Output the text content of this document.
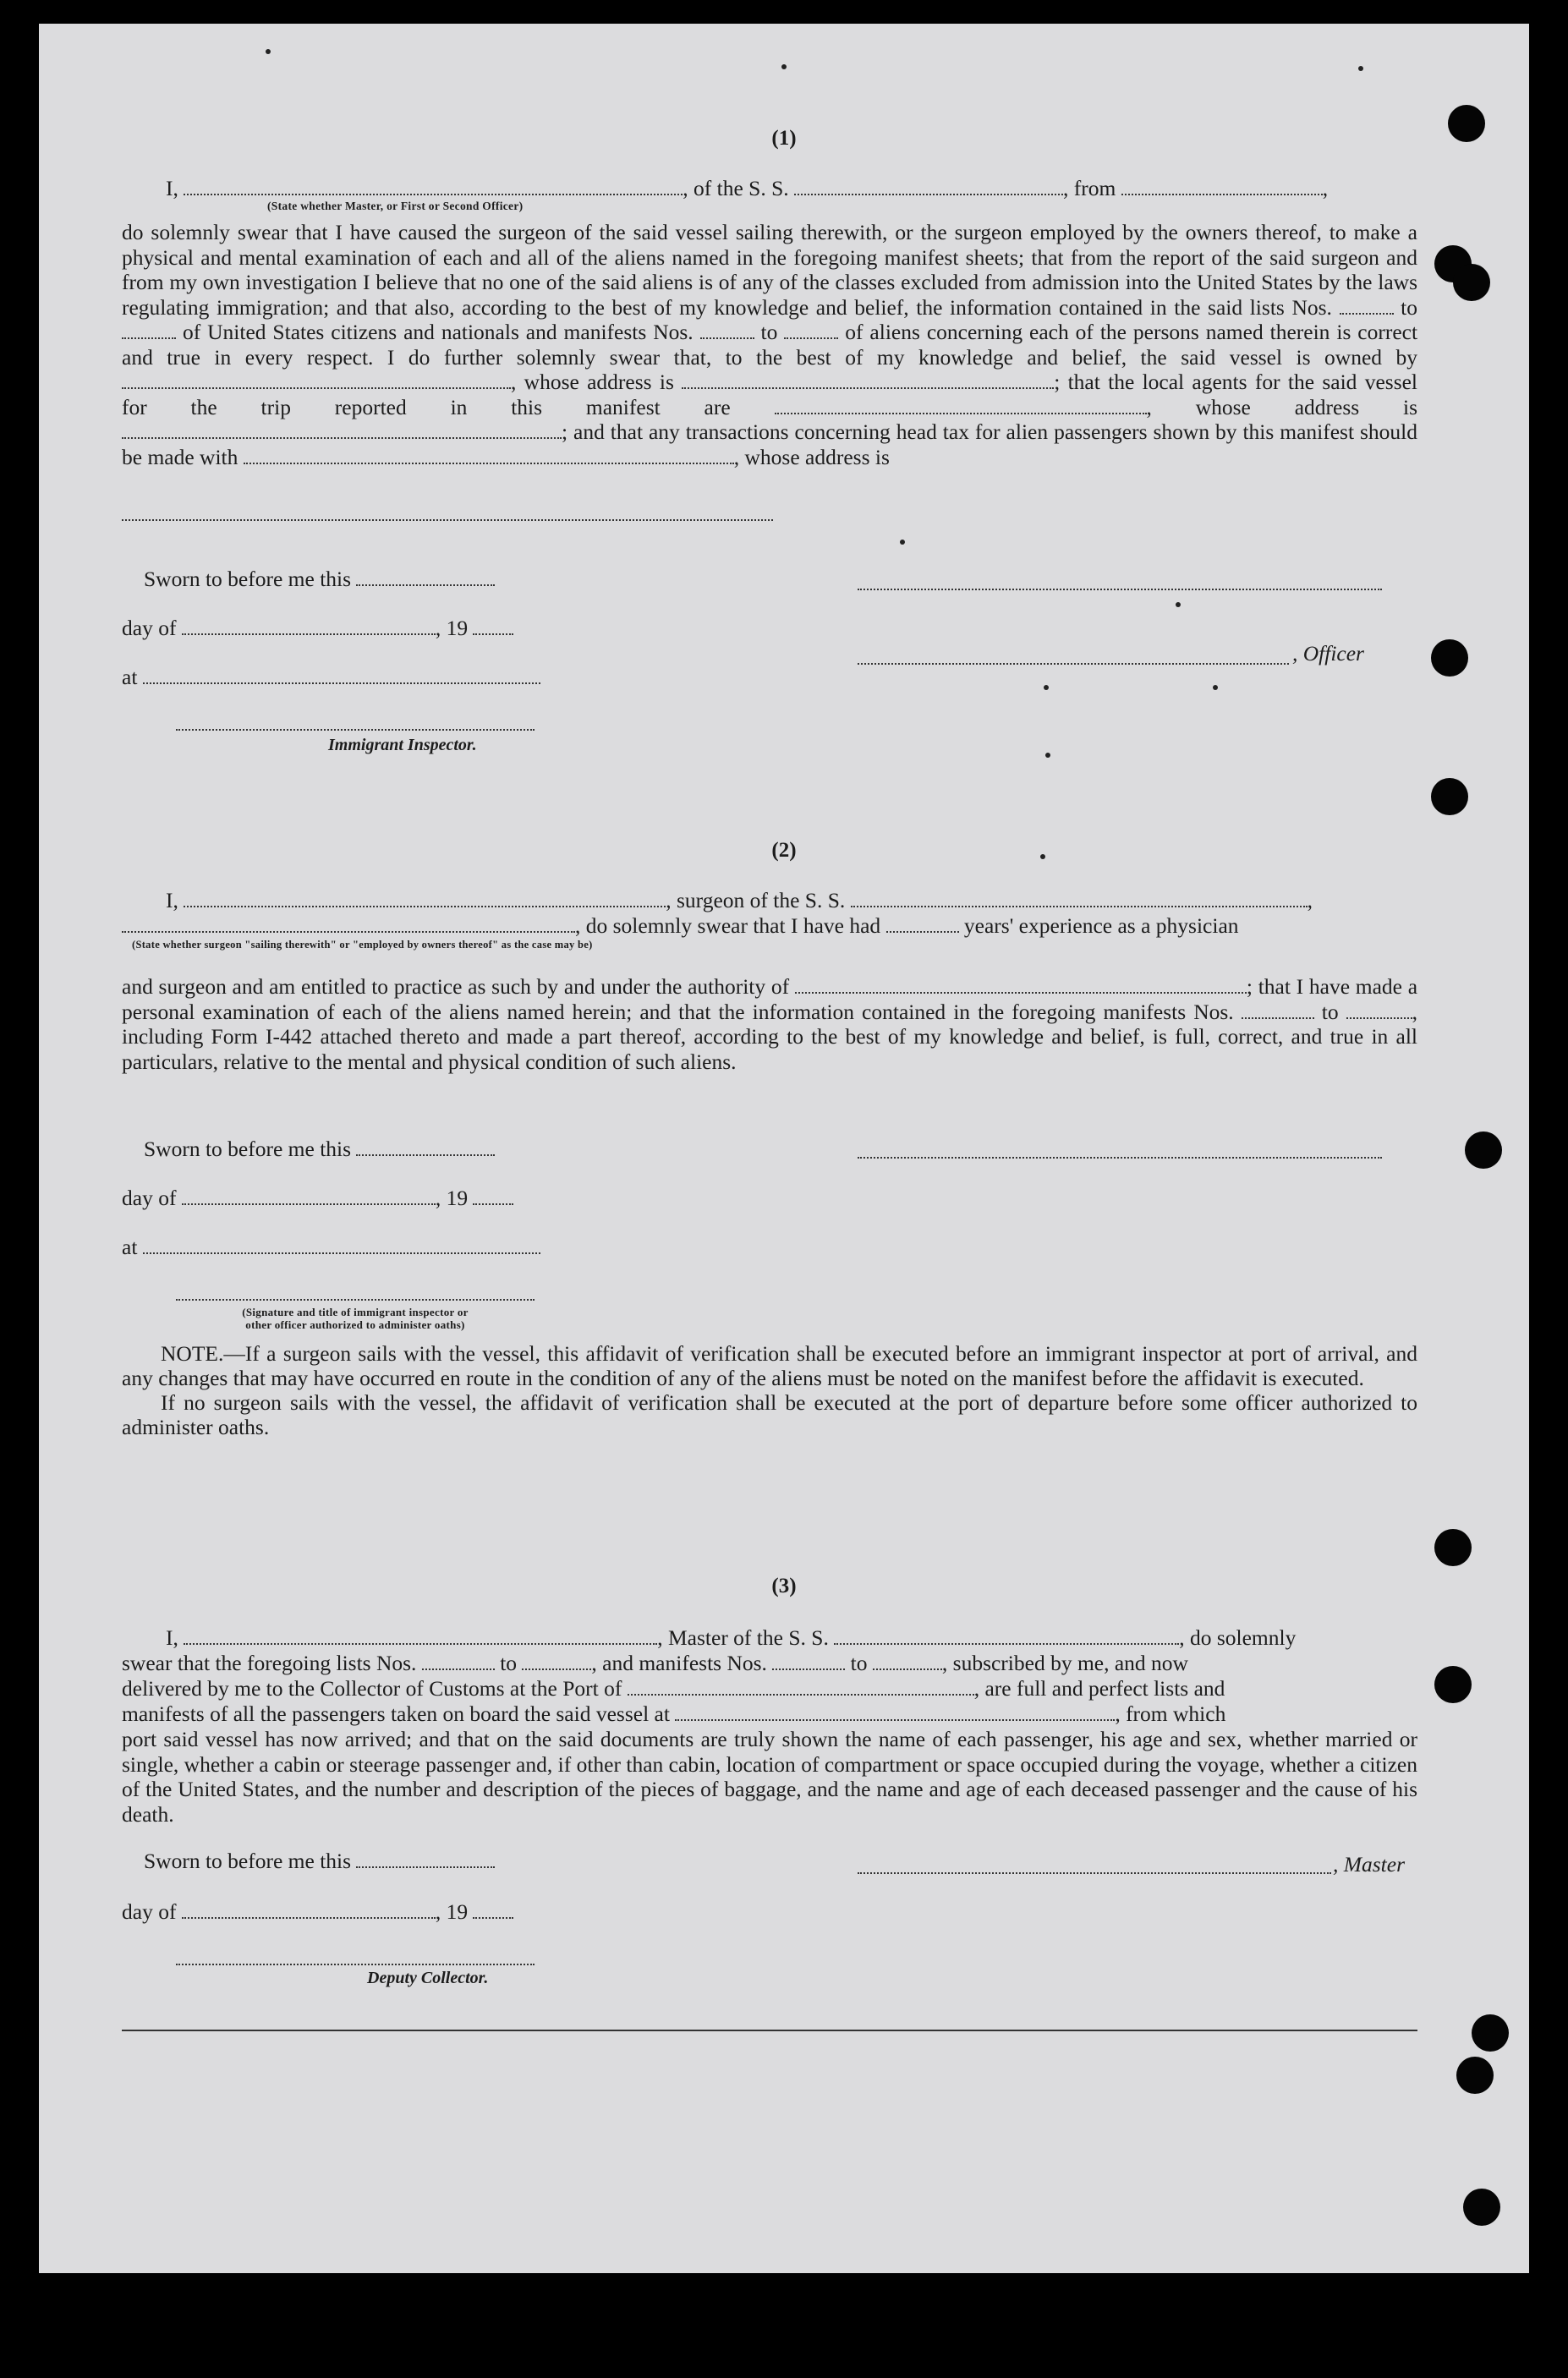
(1)
I,	, of the S. S.	, from	,
(State whether Master, or First or Second Officer)

do solemnly swear that I have caused the surgeon of the said vessel sailing therewith, or the surgeon employed by the owners thereof, to make a physical and mental examination of each and all of the aliens named in the foregoing manifest sheets; that from the report of the said surgeon and from my own investigation I believe that no one of the said aliens is of any of the classes excluded from admission into the United States by the laws regulating immigration; and that also, according to the best of my knowledge and belief, the information contained in the said lists Nos.	to  of United States citizens and nationals and manifests Nos.	to	of aliens concerning each of the persons named therein is correct and true in every respect. I do further solemnly swear that, to the best of my knowledge and belief, the said vessel is owned by , whose address is	; that the local agents for the said vessel for the trip reported in this manifest are	, whose address is ; and that any transactions concerning head tax for alien passengers shown by this manifest should be made with	, whose address is

Sworn to before me this
day of	, 19
, Officer
at
Immigrant Inspector.
(2)
I,	, surgeon of the S. S.	,
, do solemnly swear that I have had	years' experience as a physician
(State whether surgeon "sailing therewith" or "employed by owners thereof" as the case may be)

and surgeon and am entitled to practice as such by and under the authority of	; that I have made a personal examination of each of the aliens named herein; and that the information contained in the foregoing manifests Nos.	to	, including Form I-442 attached thereto and made a part thereof, according to the best of my knowledge and belief, is full, correct, and true in all particulars, relative to the mental and physical condition of such aliens.

Sworn to before me this
day of	, 19
at
(Signature and title of immigrant inspector or
other officer authorized to administer oaths)

NOTE.—If a surgeon sails with the vessel, this affidavit of verification shall be executed before an immigrant inspector at port of arrival, and any changes that may have occurred en route in the condition of any of the aliens must be noted on the manifest before the affidavit is executed.

If no surgeon sails with the vessel, the affidavit of verification shall be executed at the port of departure before some officer authorized to administer oaths.

(3)
I,	, Master of the S. S.	, do solemnly
swear that the foregoing lists Nos.	to	, and manifests Nos.	to	, subscribed by me, and now
delivered by me to the Collector of Customs at the Port of	, are full and perfect lists and
manifests of all the passengers taken on board the said vessel at	, from which

port said vessel has now arrived; and that on the said documents are truly shown the name of each passenger, his age and sex, whether married or single, whether a cabin or steerage passenger and, if other than cabin, location of compartment or space occupied during the voyage, whether a citizen of the United States, and the number and description of the pieces of baggage, and the name and age of each deceased passenger and the cause of his death.

Sworn to before me this	, Master
day of	, 19
Deputy Collector.
